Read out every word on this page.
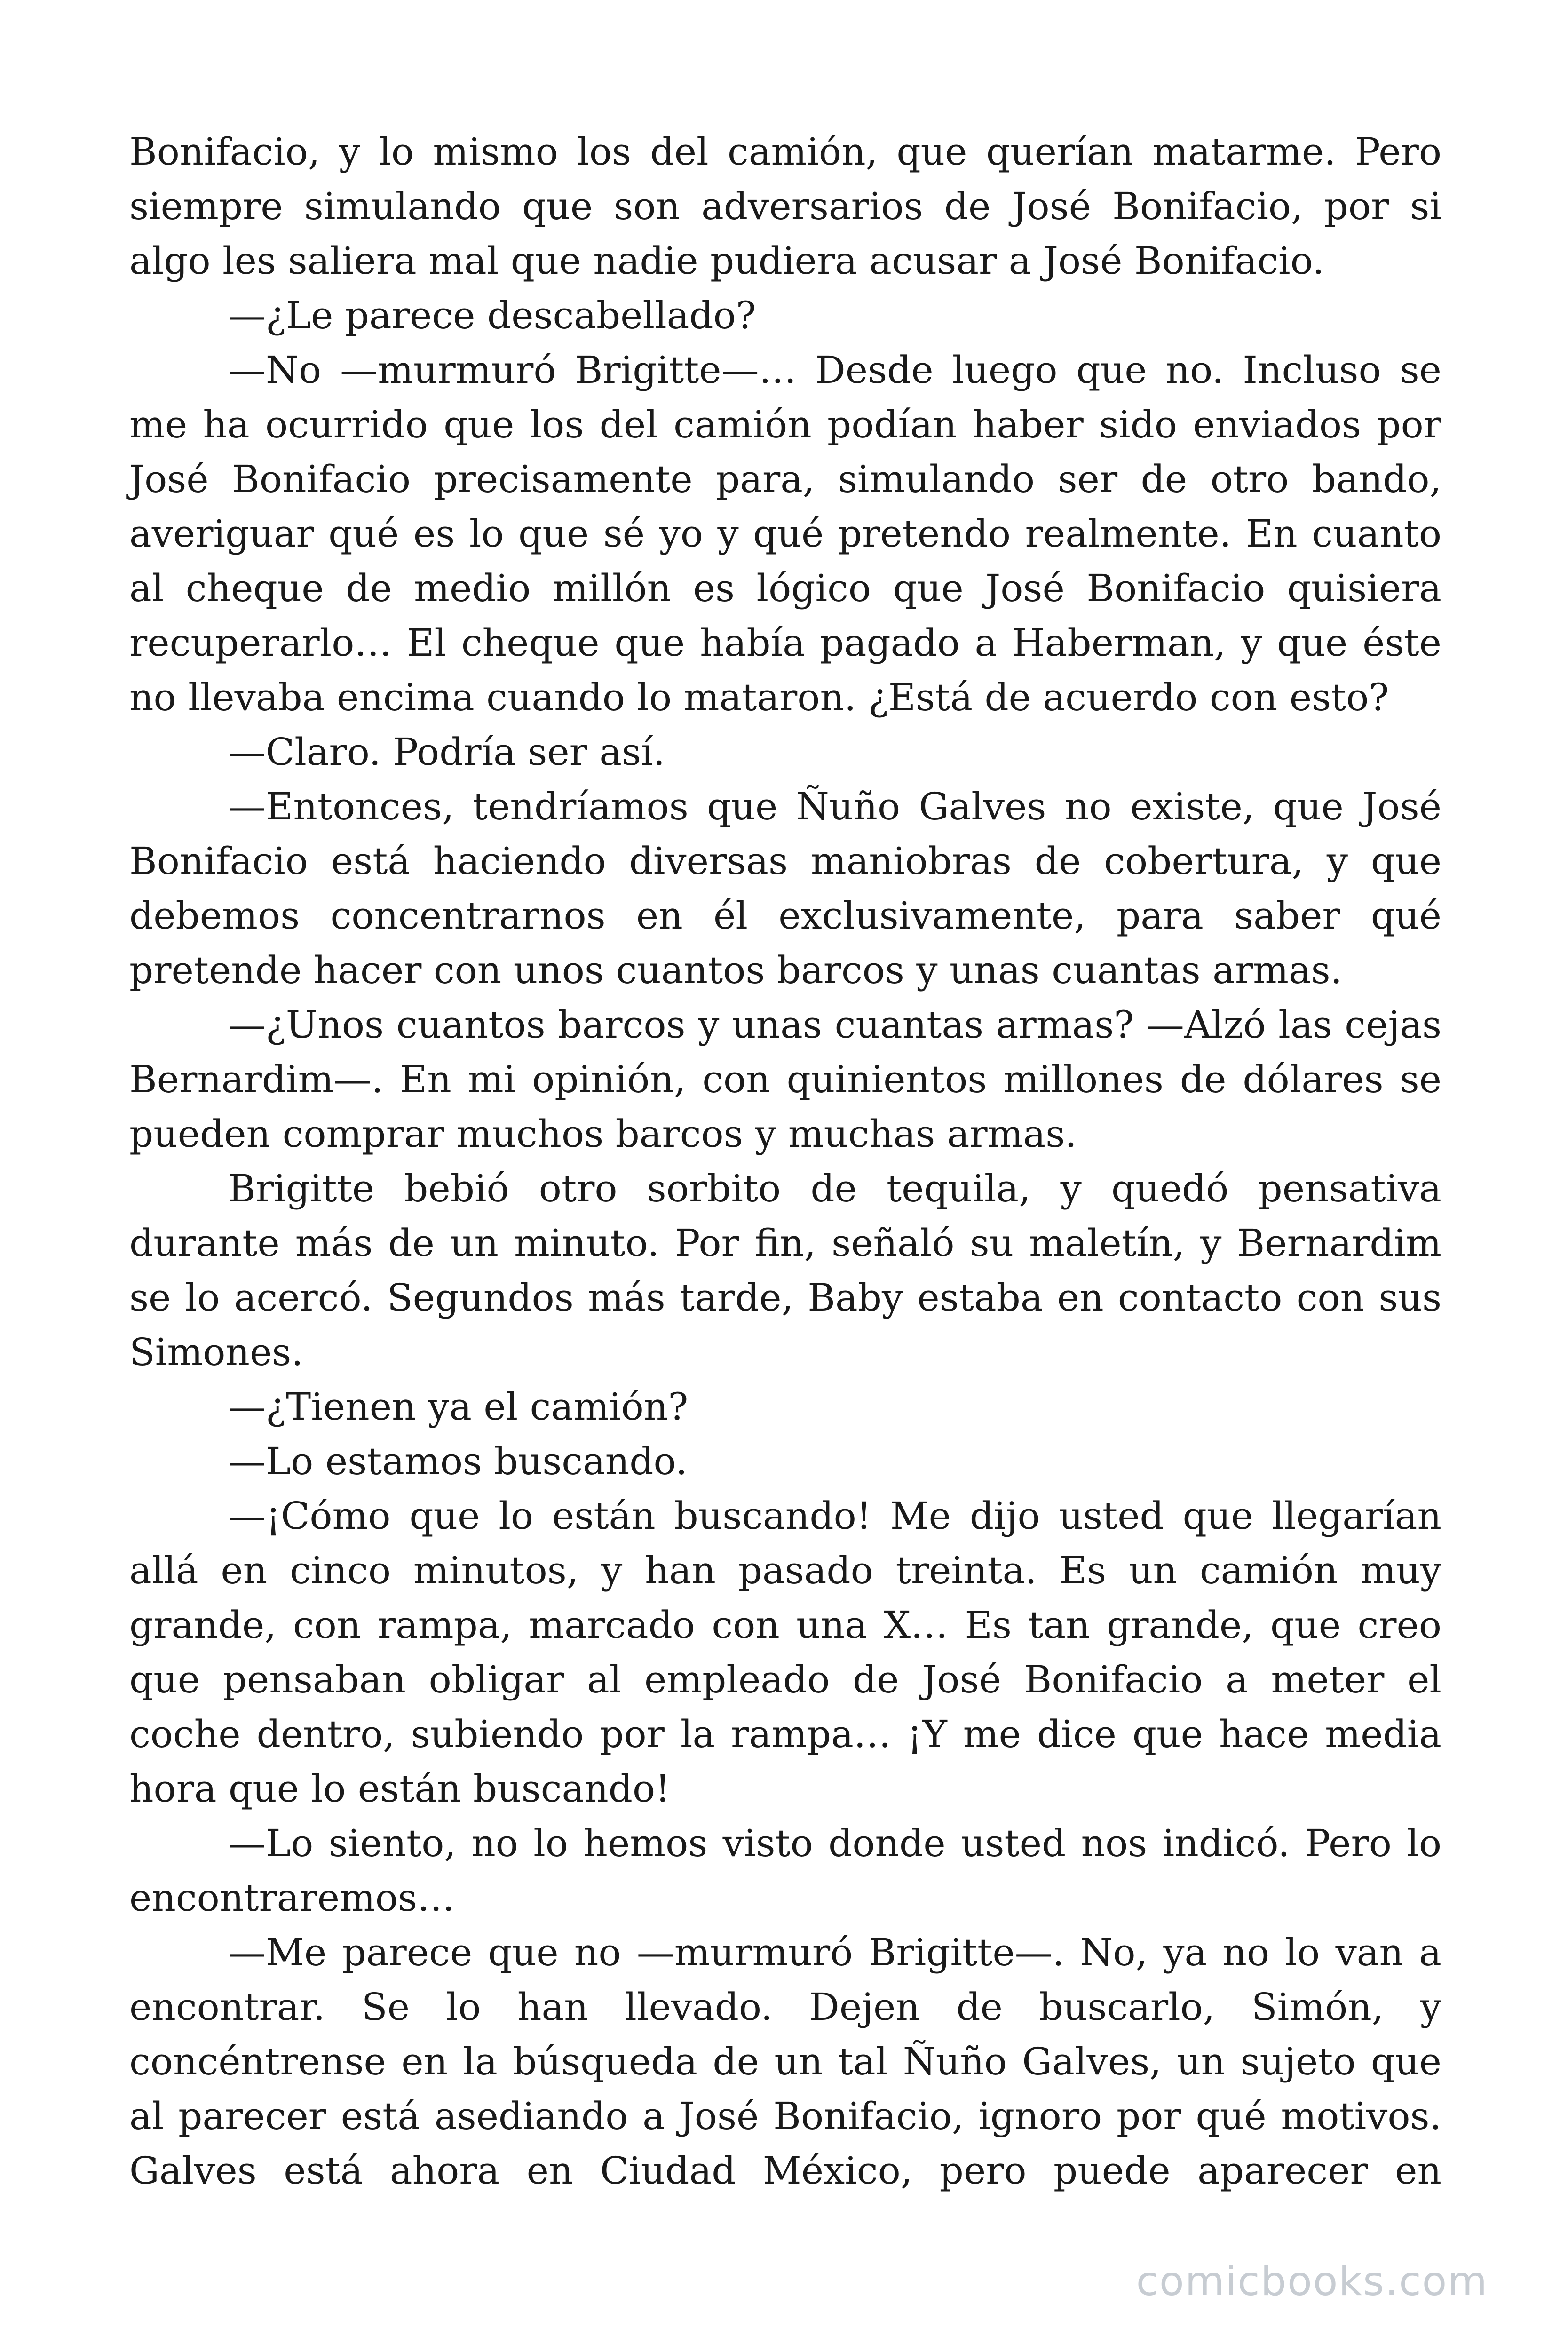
Bonifacio, y lo mismo los del camión, que querían matarme. Pero siempre simulando que son adversarios de José Bonifacio, por si algo les saliera mal que nadie pudiera acusar a José Bonifacio.

—¿Le parece descabellado?

—No —murmuró Brigitte—… Desde luego que no. Incluso se me ha ocurrido que los del camión podían haber sido enviados por José Bonifacio precisamente para, simulando ser de otro bando, averiguar qué es lo que sé yo y qué pretendo realmente. En cuanto al cheque de medio millón es lógico que José Bonifacio quisiera recuperarlo… El cheque que había pagado a Haberman, y que éste no llevaba encima cuando lo mataron. ¿Está de acuerdo con esto?

—Claro. Podría ser así.

—Entonces, tendríamos que Ñuño Galves no existe, que José Bonifacio está haciendo diversas maniobras de cobertura, y que debemos concentrarnos en él exclusivamente, para saber qué pretende hacer con unos cuantos barcos y unas cuantas armas.

—¿Unos cuantos barcos y unas cuantas armas? —Alzó las cejas Bernardim—. En mi opinión, con quinientos millones de dólares se pueden comprar muchos barcos y muchas armas.

Brigitte bebió otro sorbito de tequila, y quedó pensativa durante más de un minuto. Por fin, señaló su maletín, y Bernardim se lo acercó. Segundos más tarde, Baby estaba en contacto con sus Simones.

—¿Tienen ya el camión?

—Lo estamos buscando.

—¡Cómo que lo están buscando! Me dijo usted que llegarían allá en cinco minutos, y han pasado treinta. Es un camión muy grande, con rampa, marcado con una X… Es tan grande, que creo que pensaban obligar al empleado de José Bonifacio a meter el coche dentro, subiendo por la rampa… ¡Y me dice que hace media hora que lo están buscando!

—Lo siento, no lo hemos visto donde usted nos indicó. Pero lo encontraremos…

—Me parece que no —murmuró Brigitte—. No, ya no lo van a encontrar. Se lo han llevado. Dejen de buscarlo, Simón, y concéntrense en la búsqueda de un tal Ñuño Galves, un sujeto que al parecer está asediando a José Bonifacio, ignoro por qué motivos. Galves está ahora en Ciudad México, pero puede aparecer en

comicbooks.com
